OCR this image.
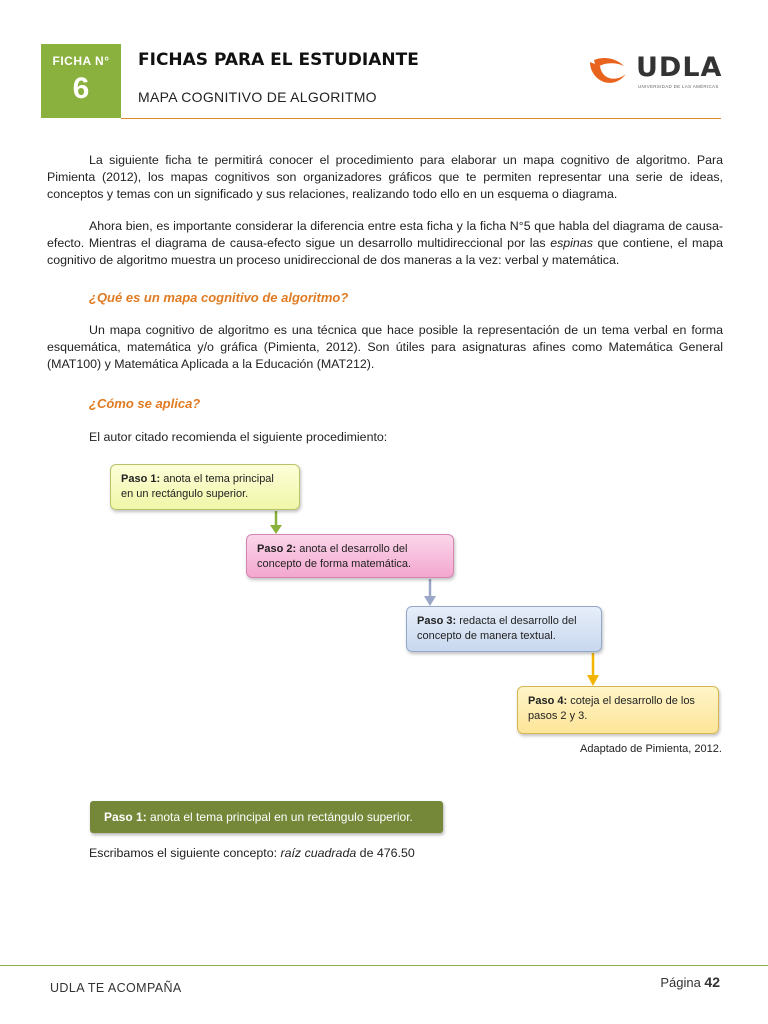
FICHA N°
6
FICHAS PARA EL ESTUDIANTE
MAPA COGNITIVO DE ALGORITMO
UDLA
UNIVERSIDAD DE LAS AMÉRICAS

La siguiente ficha te permitirá conocer el procedimiento para elaborar un mapa cognitivo de algoritmo. Para Pimienta (2012), los mapas cognitivos son organizadores gráficos que te permiten representar una serie de ideas, conceptos y temas con un significado y sus relaciones, realizando todo ello en un esquema o diagrama.

Ahora bien, es importante considerar la diferencia entre esta ficha y la ficha N°5 que habla del diagrama de causa-efecto. Mientras el diagrama de causa-efecto sigue un desarrollo multidireccional por las espinas que contiene, el mapa cognitivo de algoritmo muestra un proceso unidireccional de dos maneras a la vez: verbal y matemática.

¿Qué es un mapa cognitivo de algoritmo?

Un mapa cognitivo de algoritmo es una técnica que hace posible la representación de un tema verbal en forma esquemática, matemática y/o gráfica (Pimienta, 2012). Son útiles para asignaturas afines como Matemática General (MAT100) y Matemática Aplicada a la Educación (MAT212).

¿Cómo se aplica?
El autor citado recomienda el siguiente procedimiento:
Paso 1: anota el tema principal en un rectángulo superior.
Paso 2: anota el desarrollo del concepto de forma matemática.
Paso 3: redacta el desarrollo del concepto de manera textual.
Paso 4: coteja el desarrollo de los pasos 2 y 3.
Adaptado de Pimienta, 2012.
Paso 1: anota el tema principal en un rectángulo superior.
Escribamos el siguiente concepto: raíz cuadrada de 476.50
UDLA TE ACOMPAÑA	Página 42
